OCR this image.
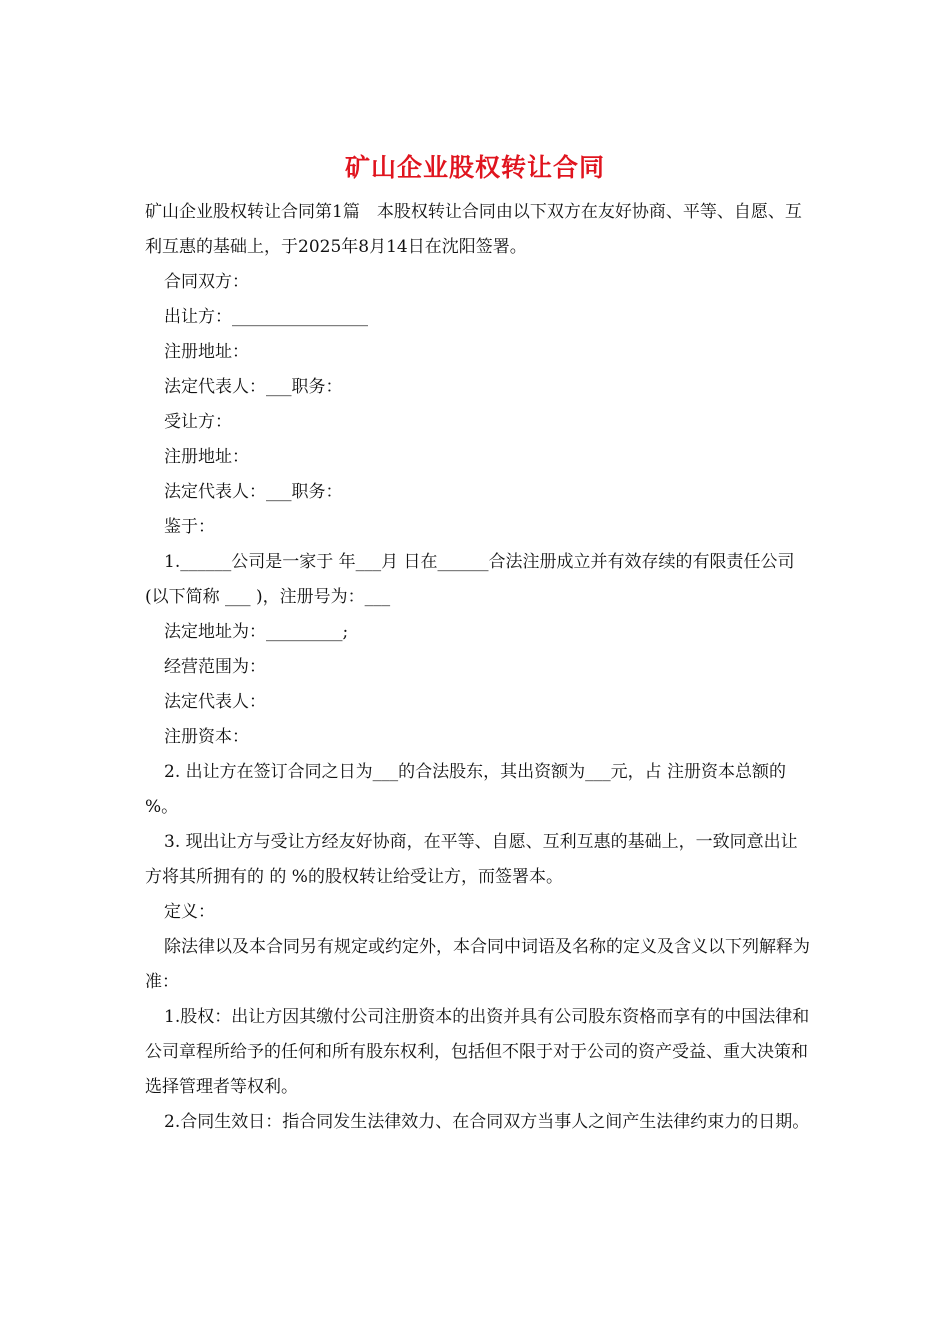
矿山企业股权转让合同

矿山企业股权转让合同第1篇　本股权转让合同由以下双方在友好协商、平等、自愿、互利互惠的基础上，于2025年8月14日在沈阳签署。

合同双方：

出让方：________________

注册地址：

法定代表人：___职务：

受让方：

注册地址：

法定代表人：___职务：

鉴于：

1.______公司是一家于 年___月 日在______合法注册成立并有效存续的有限责任公司(以下简称 ___ )，注册号为：___

法定地址为：_________;

经营范围为：

法定代表人：

注册资本：

2. 出让方在签订合同之日为___的合法股东，其出资额为___元，占 注册资本总额的 %。

3. 现出让方与受让方经友好协商，在平等、自愿、互利互惠的基础上，一致同意出让方将其所拥有的 的 %的股权转让给受让方，而签署本。

定义：

除法律以及本合同另有规定或约定外，本合同中词语及名称的定义及含义以下列解释为准：

1.股权：出让方因其缴付公司注册资本的出资并具有公司股东资格而享有的中国法律和公司章程所给予的任何和所有股东权利，包括但不限于对于公司的资产受益、重大决策和选择管理者等权利。

2.合同生效日：指合同发生法律效力、在合同双方当事人之间产生法律约束力的日期。
